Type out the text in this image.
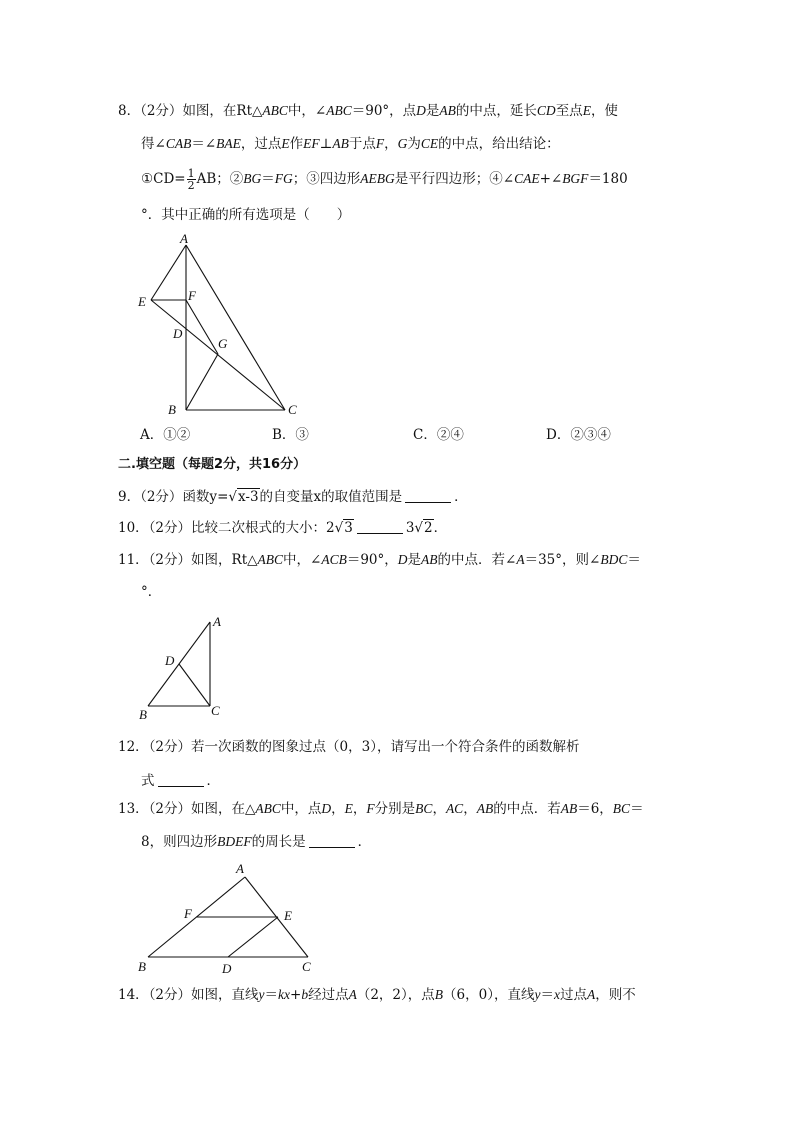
8．（2分）如图，在Rt△ABC中，∠ABC＝90°，点D是AB的中点，延长CD至点E，使
得∠CAB＝∠BAE，过点E作EF⊥AB于点F，G为CE的中点，给出结论：
①CD= $\frac{1}{2}$ AB；②BG＝FG；③四边形AEBG是平行四边形；④∠CAE+∠BGF＝180
°．其中正确的所有选项是（　　）
A
E	F
D
G
B	C
A．①②	B．③	C．②④	D．②③④
二.填空题（每题2分，共16分）
9．（2分）函数y=√x-3的自变量x的取值范围是	．
10．（2分）比较二次根式的大小：2√3	3√2．
11．（2分）如图，Rt△ABC中，∠ACB＝90°，D是AB的中点．若∠A＝35°，则∠BDC＝
°．
A
D
B	C
12．（2分）若一次函数的图象过点（0，3），请写出一个符合条件的函数解析
式	．
13．（2分）如图，在△ABC中，点D，E，F分别是BC，AC，AB的中点．若AB＝6，BC＝
8，则四边形BDEF的周长是	．
A
F	E
B	D	C
14．（2分）如图，直线y＝kx+b经过点A（2，2），点B（6，0），直线y＝x过点A，则不
